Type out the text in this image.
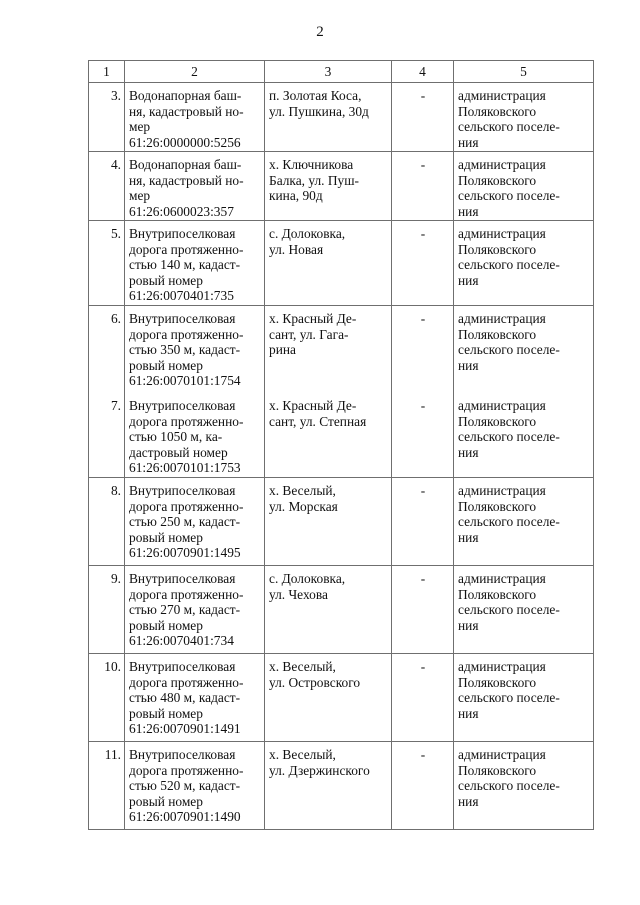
2
1	2	3	4	5
3.	Водонапорная баш-
ня, кадастровый но-
мер
61:26:0000000:5256	п. Золотая Коса,
ул. Пушкина, 30д	-	администрация
Поляковского
сельского поселе-
ния
4.	Водонапорная баш-
ня, кадастровый но-
мер
61:26:0600023:357	х. Ключникова
Балка, ул. Пуш-
кина, 90д	-	администрация
Поляковского
сельского поселе-
ния
5.	Внутрипоселковая
дорога протяженно-
стью 140 м, кадаст-
ровый номер
61:26:0070401:735	с. Долоковка,
ул. Новая	-	администрация
Поляковского
сельского поселе-
ния
6.	Внутрипоселковая
дорога протяженно-
стью 350 м, кадаст-
ровый номер
61:26:0070101:1754	х. Красный Де-
сант, ул. Гага-
рина	-	администрация
Поляковского
сельского поселе-
ния
7.	Внутрипоселковая
дорога протяженно-
стью 1050 м, ка-
дастровый номер
61:26:0070101:1753	х. Красный Де-
сант, ул. Степная	-	администрация
Поляковского
сельского поселе-
ния
8.	Внутрипоселковая
дорога протяженно-
стью 250 м, кадаст-
ровый номер
61:26:0070901:1495	х. Веселый,
ул. Морская	-	администрация
Поляковского
сельского поселе-
ния
9.	Внутрипоселковая
дорога протяженно-
стью 270 м, кадаст-
ровый номер
61:26:0070401:734	с. Долоковка,
ул. Чехова	-	администрация
Поляковского
сельского поселе-
ния
10.	Внутрипоселковая
дорога протяженно-
стью 480 м, кадаст-
ровый номер
61:26:0070901:1491	х. Веселый,
ул. Островского	-	администрация
Поляковского
сельского поселе-
ния
11.	Внутрипоселковая
дорога протяженно-
стью 520 м, кадаст-
ровый номер
61:26:0070901:1490	х. Веселый,
ул. Дзержинского	-	администрация
Поляковского
сельского поселе-
ния
